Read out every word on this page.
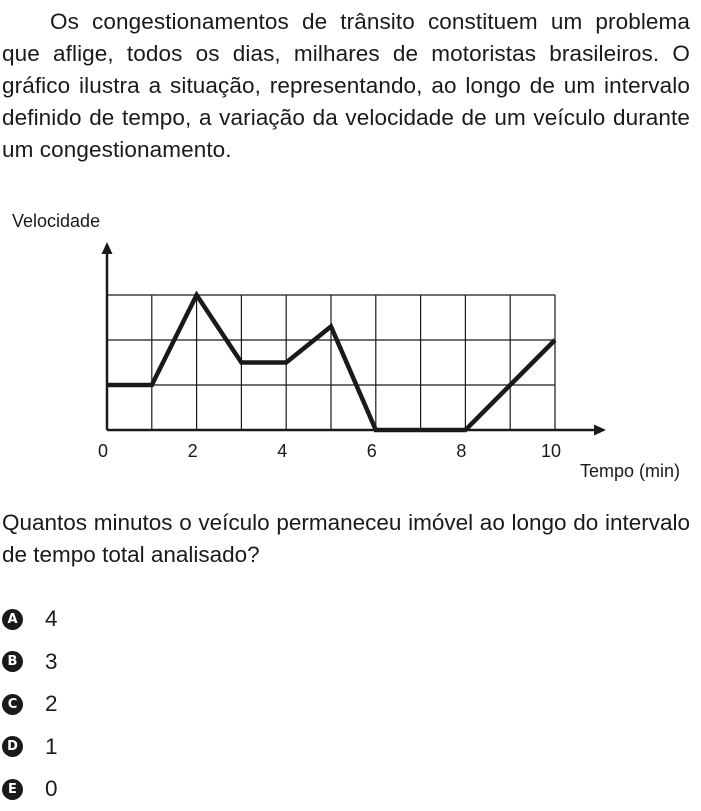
Os congestionamentos de trânsito constituem um problema que aflige, todos os dias, milhares de motoristas brasileiros. O gráfico ilustra a situação, representando, ao longo de um intervalo definido de tempo, a variação da velocidade de um veículo durante um congestionamento.

0	2	4	6	8	10
Velocidade
Tempo (min)

Quantos minutos o veículo permaneceu imóvel ao longo do intervalo de tempo total analisado?

A 4
B 3
C 2
D 1
E 0
